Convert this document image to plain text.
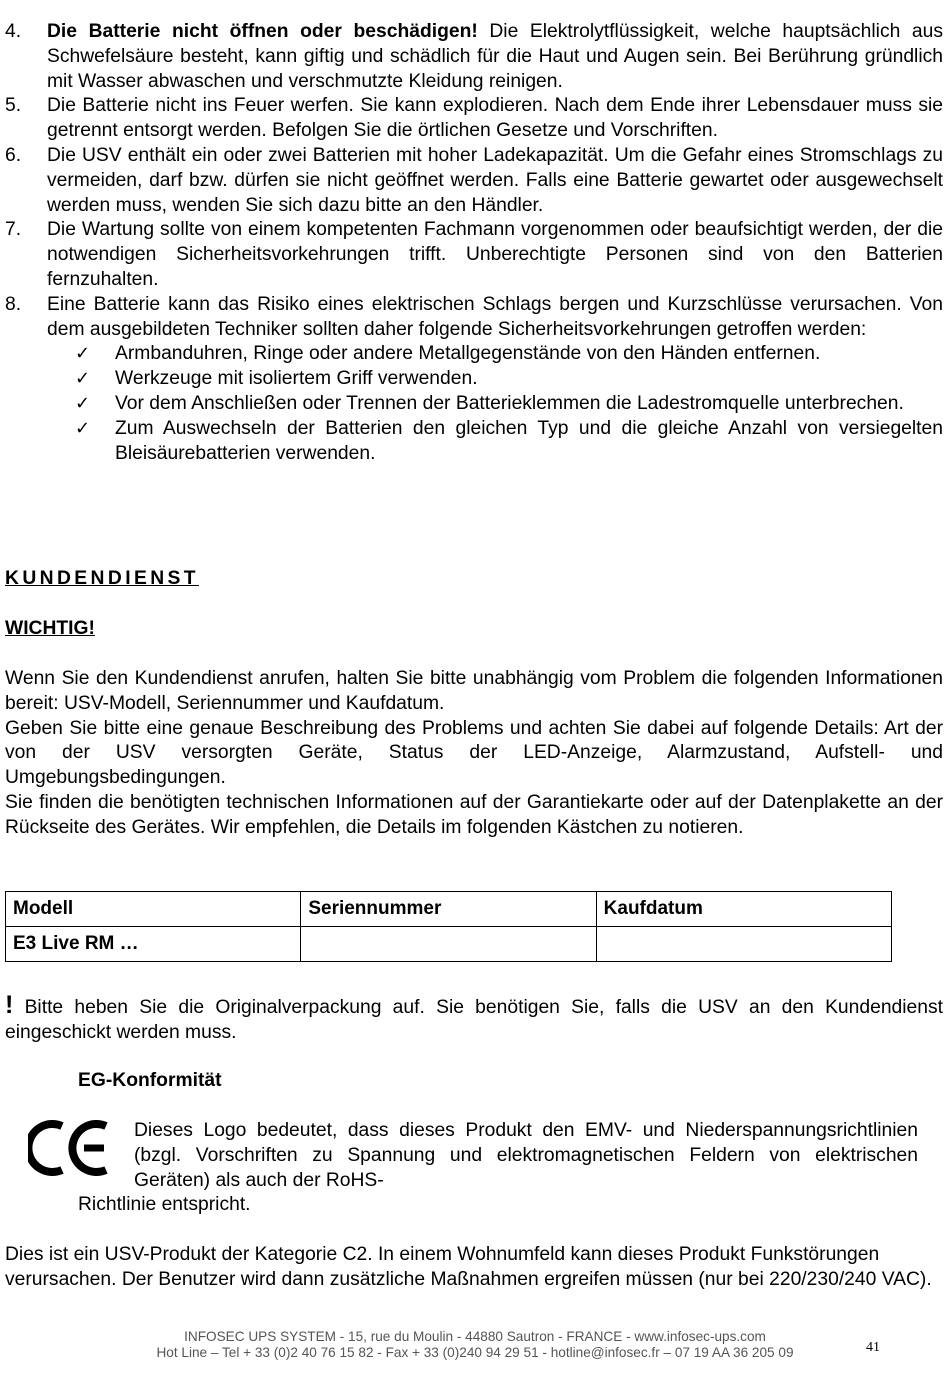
4. Die Batterie nicht öffnen oder beschädigen! Die Elektrolytflüssigkeit, welche hauptsächlich aus Schwefelsäure besteht, kann giftig und schädlich für die Haut und Augen sein. Bei Berührung gründlich mit Wasser abwaschen und verschmutzte Kleidung reinigen.
5. Die Batterie nicht ins Feuer werfen. Sie kann explodieren. Nach dem Ende ihrer Lebensdauer muss sie getrennt entsorgt werden. Befolgen Sie die örtlichen Gesetze und Vorschriften.
6. Die USV enthält ein oder zwei Batterien mit hoher Ladekapazität. Um die Gefahr eines Stromschlags zu vermeiden, darf bzw. dürfen sie nicht geöffnet werden. Falls eine Batterie gewartet oder ausgewechselt werden muss, wenden Sie sich dazu bitte an den Händler.
7. Die Wartung sollte von einem kompetenten Fachmann vorgenommen oder beaufsichtigt werden, der die notwendigen Sicherheitsvorkehrungen trifft. Unberechtigte Personen sind von den Batterien fernzuhalten.
8. Eine Batterie kann das Risiko eines elektrischen Schlags bergen und Kurzschlüsse verursachen. Von dem ausgebildeten Techniker sollten daher folgende Sicherheitsvorkehrungen getroffen werden:
✓ Armbanduhren, Ringe oder andere Metallgegenstände von den Händen entfernen.
✓ Werkzeuge mit isoliertem Griff verwenden.
✓ Vor dem Anschließen oder Trennen der Batterieklemmen die Ladestromquelle unterbrechen.
✓ Zum Auswechseln der Batterien den gleichen Typ und die gleiche Anzahl von versiegelten Bleisäurebatterien verwenden.
KUNDENDIENST
WICHTIG!
Wenn Sie den Kundendienst anrufen, halten Sie bitte unabhängig vom Problem die folgenden Informationen bereit: USV-Modell, Seriennummer und Kaufdatum.
Geben Sie bitte eine genaue Beschreibung des Problems und achten Sie dabei auf folgende Details: Art der von der USV versorgten Geräte, Status der LED-Anzeige, Alarmzustand, Aufstell- und Umgebungsbedingungen.
Sie finden die benötigten technischen Informationen auf der Garantiekarte oder auf der Datenplakette an der Rückseite des Gerätes. Wir empfehlen, die Details im folgenden Kästchen zu notieren.
Modell	Seriennummer	Kaufdatum
E3 Live RM …		
! Bitte heben Sie die Originalverpackung auf. Sie benötigen Sie, falls die USV an den Kundendienst eingeschickt werden muss.
EG-Konformität
Dieses Logo bedeutet, dass dieses Produkt den EMV- und Niederspannungsrichtlinien (bzgl. Vorschriften zu Spannung und elektromagnetischen Feldern von elektrischen Geräten) als auch der RoHS-
Richtlinie entspricht.
Dies ist ein USV-Produkt der Kategorie C2. In einem Wohnumfeld kann dieses Produkt Funkstörungen verursachen. Der Benutzer wird dann zusätzliche Maßnahmen ergreifen müssen (nur bei 220/230/240 VAC).
INFOSEC UPS SYSTEM - 15, rue du Moulin - 44880 Sautron - FRANCE - www.infosec-ups.com
Hot Line – Tel + 33 (0)2 40 76 15 82 - Fax + 33 (0)240 94 29 51 - hotline@infosec.fr – 07 19 AA 36 205 09	41
